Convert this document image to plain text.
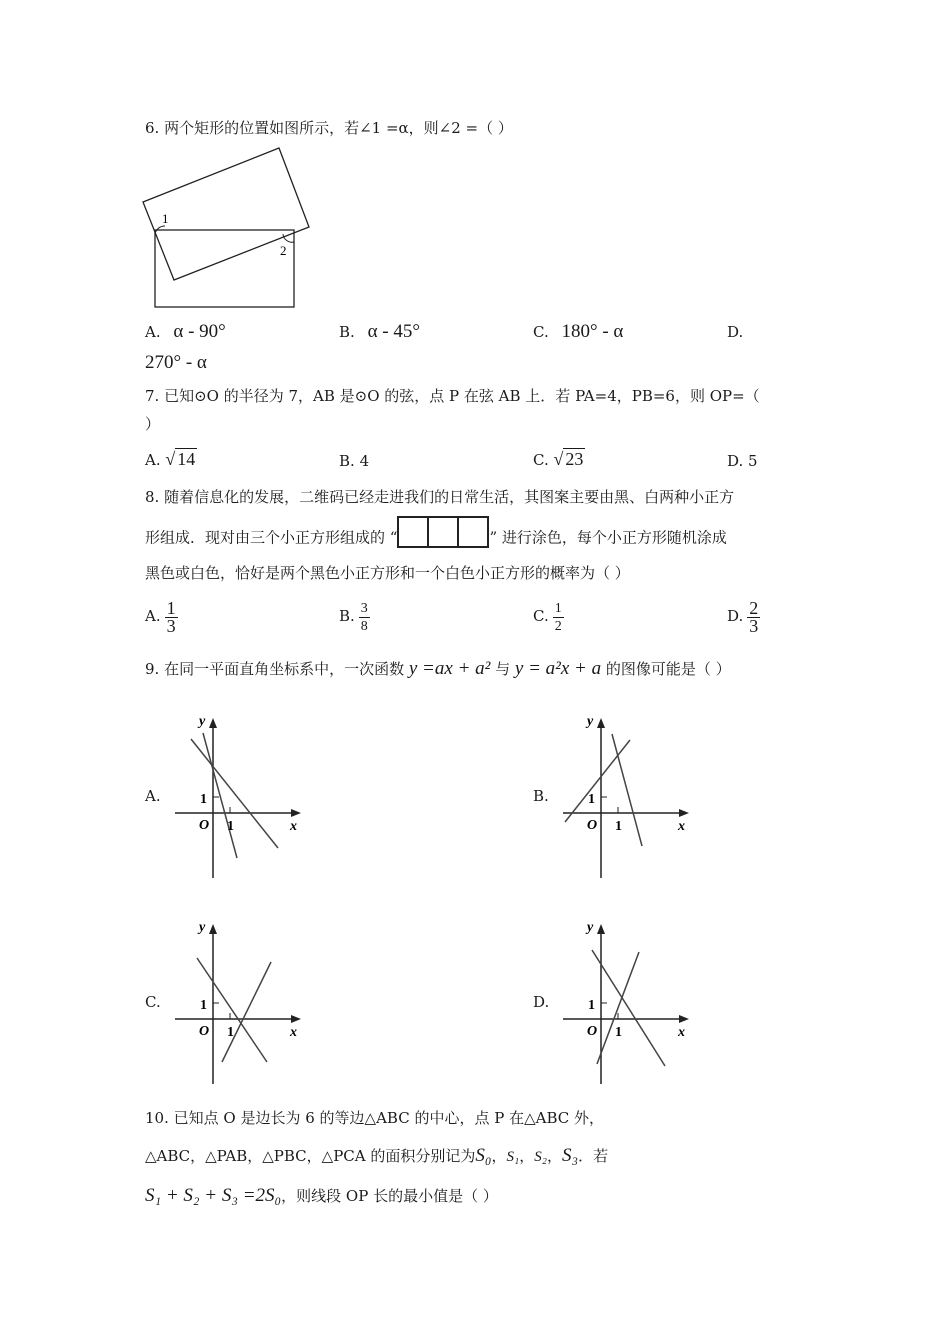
6. 两个矩形的位置如图所示，若∠1 =α，则∠2 =（ ）
1
2
A. α - 90°	B. α - 45°	C. 180° - α	D.
270° - α
7. 已知⊙O 的半径为 7，AB 是⊙O 的弦，点 P 在弦 AB 上．若 PA=4，PB=6，则 OP=（
）
A. √ 14	B. 4	C. √ 23	D. 5
8. 随着信息化的发展，二维码已经走进我们的日常生活，其图案主要由黑、白两种小正方
形组成．现对由三个小正方形组成的 “	” 进行涂色，每个小正方形随机涂成
黑色或白色，恰好是两个黑色小正方形和一个白色小正方形的概率为（ ）
A. $\frac{1}{3}$	B. $\frac{3}{8}$	C. $\frac{1}{2}$	D. $\frac{2}{3}$
9. 在同一平面直角坐标系中，一次函数 y =ax + a² 与 y = a²x + a 的图像可能是（ ）
A.	B.
C.	D.
y
x
O
1
1
y
x
O
1
1
y
x
O
1
1
y
x
O
1
1
10. 已知点 O 是边长为 6 的等边△ABC 的中心，点 P 在△ABC 外，
△ABC，△PAB，△PBC，△PCA 的面积分别记为S₀，S₁，S₂，S₃．若
S₁ + S₂ + S₃ =2S₀，则线段 OP 长的最小值是（ ）
